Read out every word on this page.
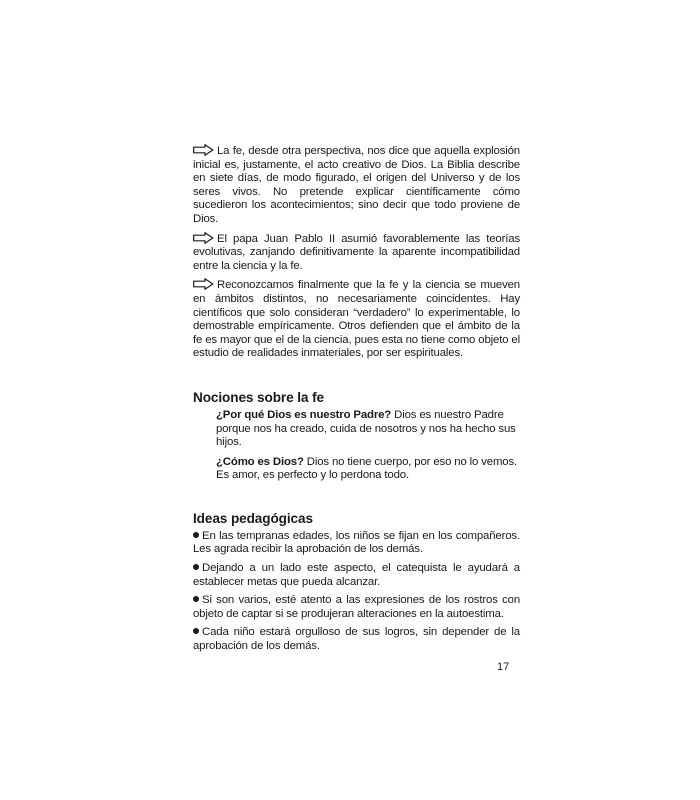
La fe, desde otra perspectiva, nos dice que aquella explosión inicial es, justamente, el acto creativo de Dios. La Biblia describe en siete días, de modo figurado, el origen del Universo y de los seres vivos. No pretende explicar científicamente cómo sucedieron los acontecimientos; sino decir que todo proviene de Dios.

El papa Juan Pablo II asumió favorablemente las teorías evolutivas, zanjando definitivamente la aparente incompatibilidad entre la ciencia y la fe.

Reconozcamos finalmente que la fe y la ciencia se mueven en ámbitos distintos, no necesariamente coincidentes. Hay científicos que solo consideran “verdadero” lo experimentable, lo demostrable empíricamente. Otros defienden que el ámbito de la fe es mayor que el de la ciencia, pues esta no tiene como objeto el estudio de realidades inmateriales, por ser espirituales.

Nociones sobre la fe

¿Por qué Dios es nuestro Padre? Dios es nuestro Padre porque nos ha creado, cuida de nosotros y nos ha hecho sus hijos.

¿Cómo es Dios? Dios no tiene cuerpo, por eso no lo vemos. Es amor, es perfecto y lo perdona todo.

Ideas pedagógicas

En las tempranas edades, los niños se fijan en los compañeros. Les agrada recibir la aprobación de los demás.

Dejando a un lado este aspecto, el catequista le ayudará a establecer metas que pueda alcanzar.

Si son varios, esté atento a las expresiones de los rostros con objeto de captar si se produjeran alteraciones en la autoestima.

Cada niño estará orgulloso de sus logros, sin depender de la aprobación de los demás.

17
